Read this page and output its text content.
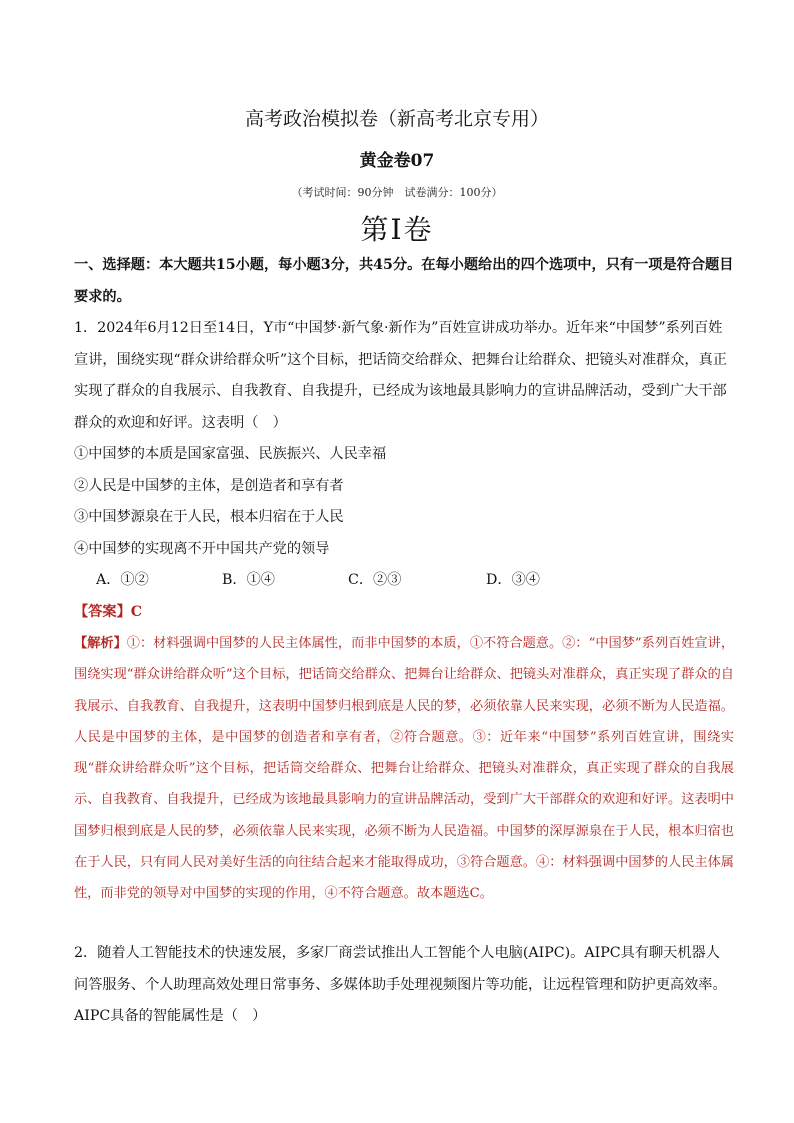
高考政治模拟卷（新高考北京专用）
黄金卷07
（考试时间：90分钟　试卷满分：100分）
第Ⅰ卷
一、选择题：本大题共15小题，每小题3分，共45分。在每小题给出的四个选项中，只有一项是符合题目要求的。
1．2024年6月12日至14日，Y市“中国梦·新气象·新作为”百姓宣讲成功举办。近年来“中国梦”系列百姓宣讲，围绕实现“群众讲给群众听”这个目标，把话筒交给群众、把舞台让给群众、把镜头对准群众，真正实现了群众的自我展示、自我教育、自我提升，已经成为该地最具影响力的宣讲品牌活动，受到广大干部群众的欢迎和好评。这表明（　）
①中国梦的本质是国家富强、民族振兴、人民幸福
②人民是中国梦的主体，是创造者和享有者
③中国梦源泉在于人民，根本归宿在于人民
④中国梦的实现离不开中国共产党的领导
A．①②	B．①④	C．②③	D．③④
【答案】C
【解析】①：材料强调中国梦的人民主体属性，而非中国梦的本质，①不符合题意。②：“中国梦”系列百姓宣讲，围绕实现“群众讲给群众听”这个目标，把话筒交给群众、把舞台让给群众、把镜头对准群众，真正实现了群众的自我展示、自我教育、自我提升，这表明中国梦归根到底是人民的梦，必须依靠人民来实现，必须不断为人民造福。人民是中国梦的主体，是中国梦的创造者和享有者，②符合题意。③：近年来“中国梦”系列百姓宣讲，围绕实现“群众讲给群众听”这个目标，把话筒交给群众、把舞台让给群众、把镜头对准群众，真正实现了群众的自我展示、自我教育、自我提升，已经成为该地最具影响力的宣讲品牌活动，受到广大干部群众的欢迎和好评。这表明中国梦归根到底是人民的梦，必须依靠人民来实现，必须不断为人民造福。中国梦的深厚源泉在于人民，根本归宿也在于人民，只有同人民对美好生活的向往结合起来才能取得成功，③符合题意。④：材料强调中国梦的人民主体属性，而非党的领导对中国梦的实现的作用，④不符合题意。故本题选C。
2．随着人工智能技术的快速发展，多家厂商尝试推出人工智能个人电脑(AIPC)。AIPC具有聊天机器人问答服务、个人助理高效处理日常事务、多媒体助手处理视频图片等功能，让远程管理和防护更高效率。AIPC具备的智能属性是（　）
